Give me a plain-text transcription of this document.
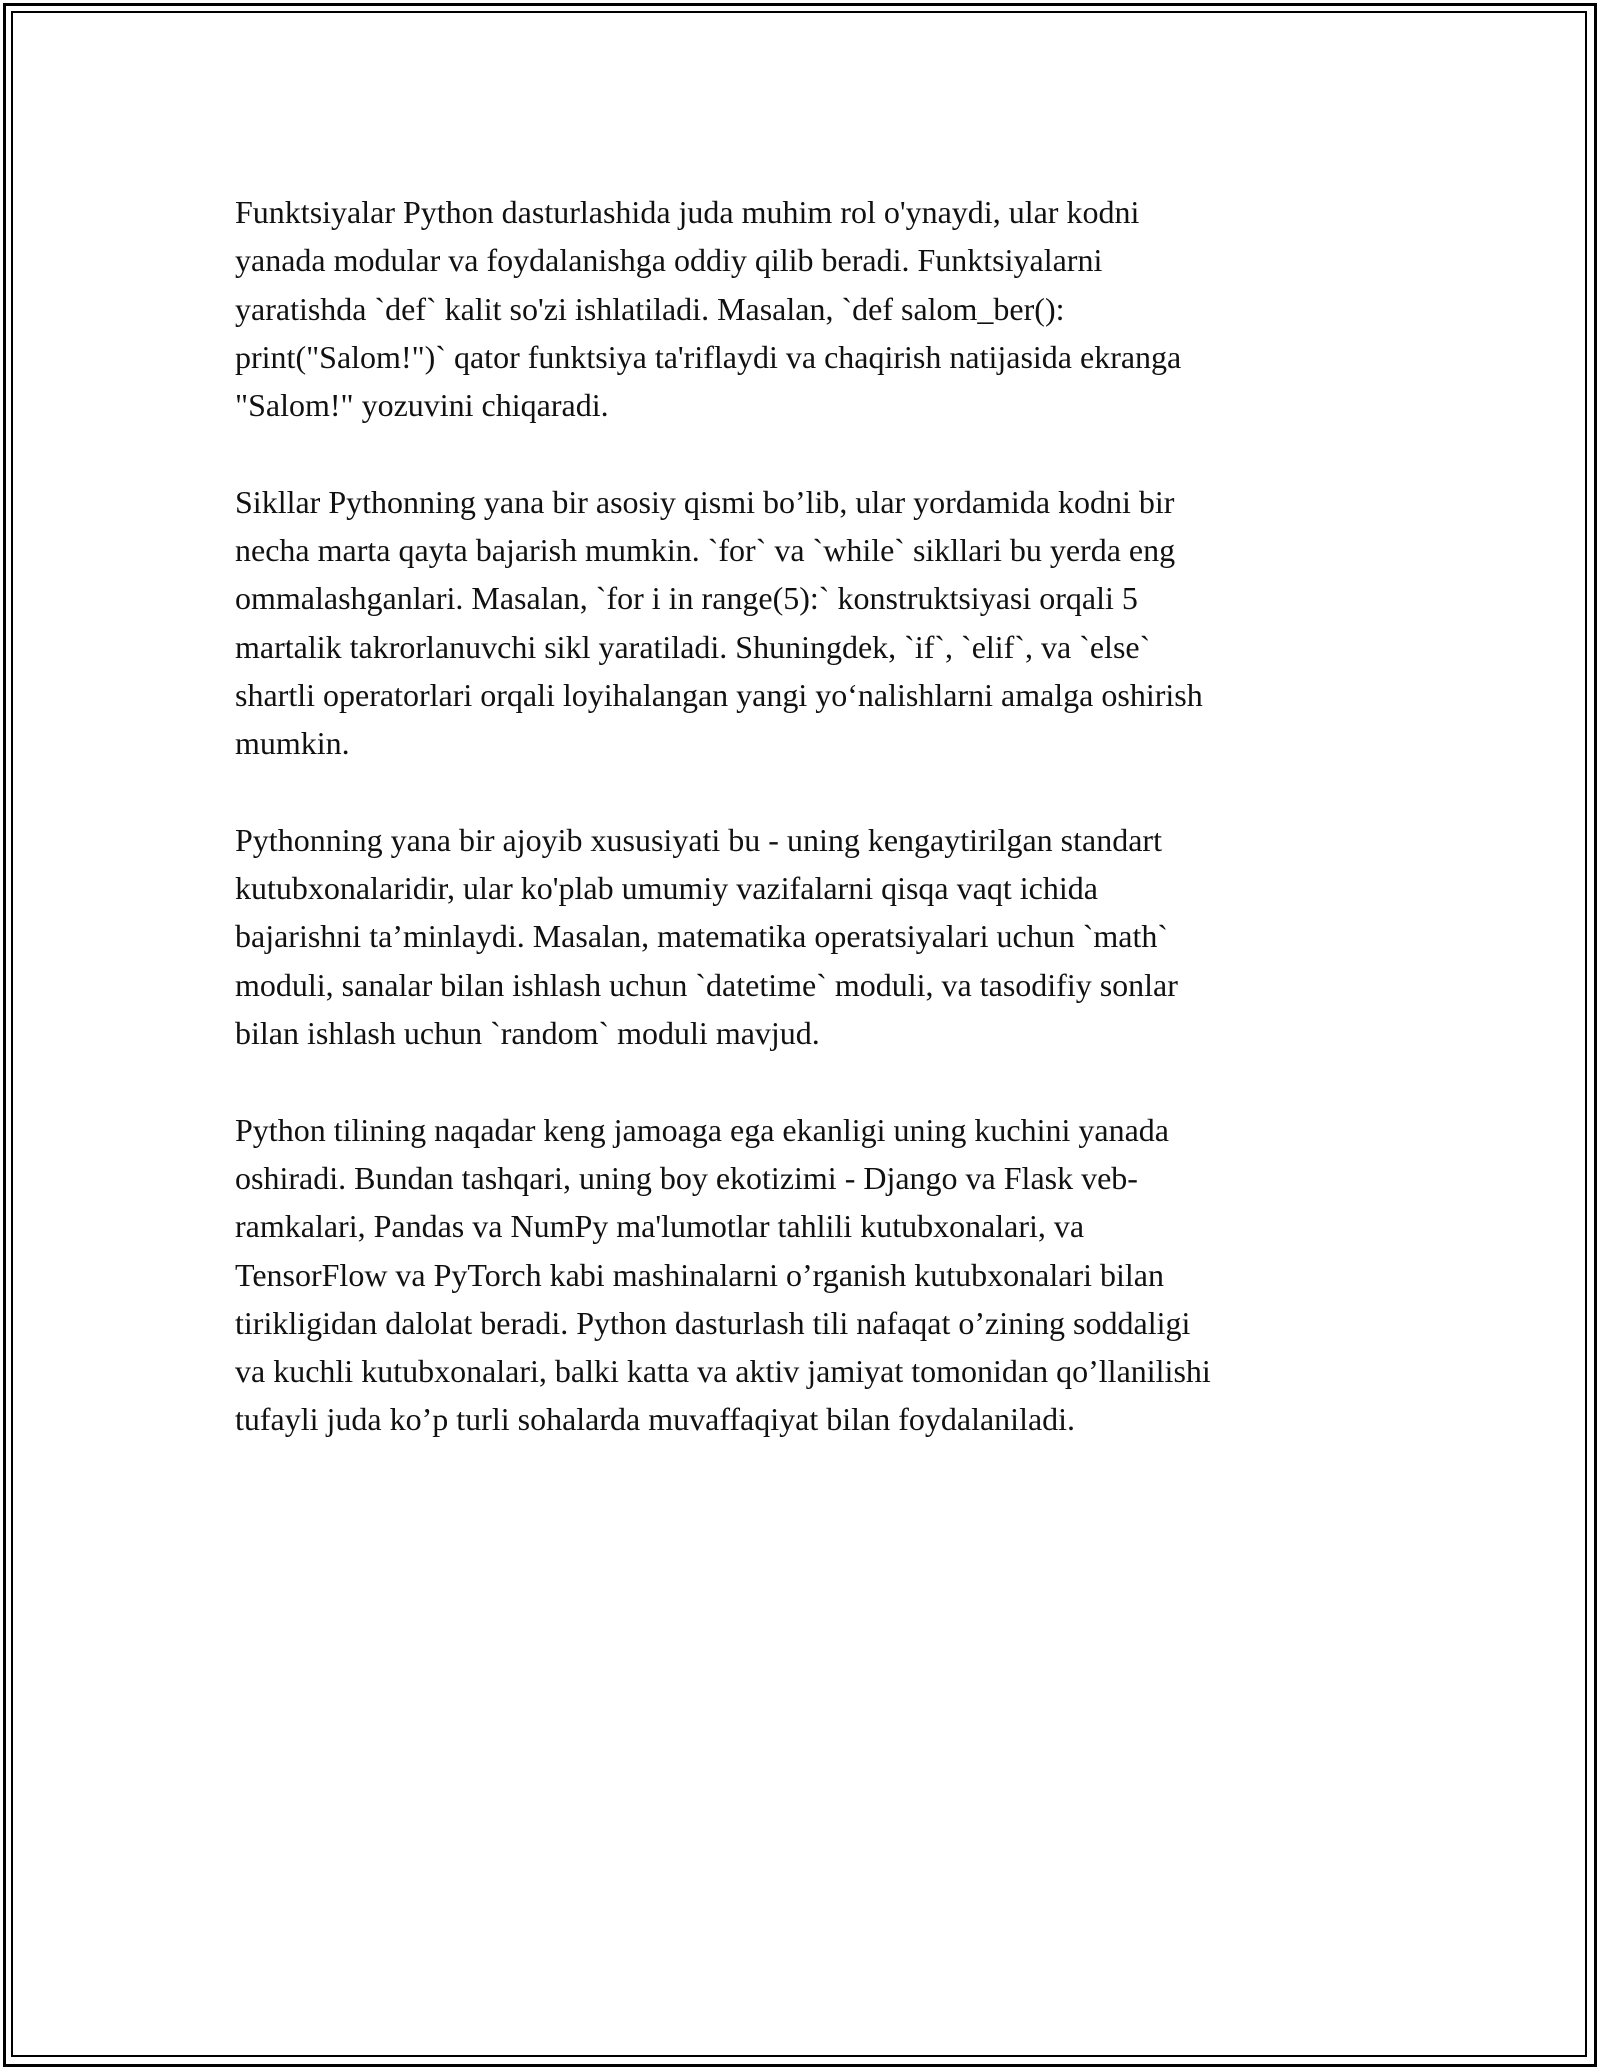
Funktsiyalar Python dasturlashida juda muhim rol o'ynaydi, ular kodni
yanada modular va foydalanishga oddiy qilib beradi. Funktsiyalarni
yaratishda `def` kalit so'zi ishlatiladi. Masalan, `def salom_ber():
print("Salom!")` qator funktsiya ta'riflaydi va chaqirish natijasida ekranga
"Salom!" yozuvini chiqaradi.

Sikllar Pythonning yana bir asosiy qismi bo’lib, ular yordamida kodni bir
necha marta qayta bajarish mumkin. `for` va `while` sikllari bu yerda eng
ommalashganlari. Masalan, `for i in range(5):` konstruktsiyasi orqali 5
martalik takrorlanuvchi sikl yaratiladi. Shuningdek, `if`, `elif`, va `else`
shartli operatorlari orqali loyihalangan yangi yo‘nalishlarni amalga oshirish
mumkin.

Pythonning yana bir ajoyib xususiyati bu - uning kengaytirilgan standart
kutubxonalaridir, ular ko'plab umumiy vazifalarni qisqa vaqt ichida
bajarishni ta’minlaydi. Masalan, matematika operatsiyalari uchun `math`
moduli, sanalar bilan ishlash uchun `datetime` moduli, va tasodifiy sonlar
bilan ishlash uchun `random` moduli mavjud.

Python tilining naqadar keng jamoaga ega ekanligi uning kuchini yanada
oshiradi. Bundan tashqari, uning boy ekotizimi - Django va Flask veb-
ramkalari, Pandas va NumPy ma'lumotlar tahlili kutubxonalari, va
TensorFlow va PyTorch kabi mashinalarni o’rganish kutubxonalari bilan
tirikligidan dalolat beradi. Python dasturlash tili nafaqat o’zining soddaligi
va kuchli kutubxonalari, balki katta va aktiv jamiyat tomonidan qo’llanilishi
tufayli juda ko’p turli sohalarda muvaffaqiyat bilan foydalaniladi.
